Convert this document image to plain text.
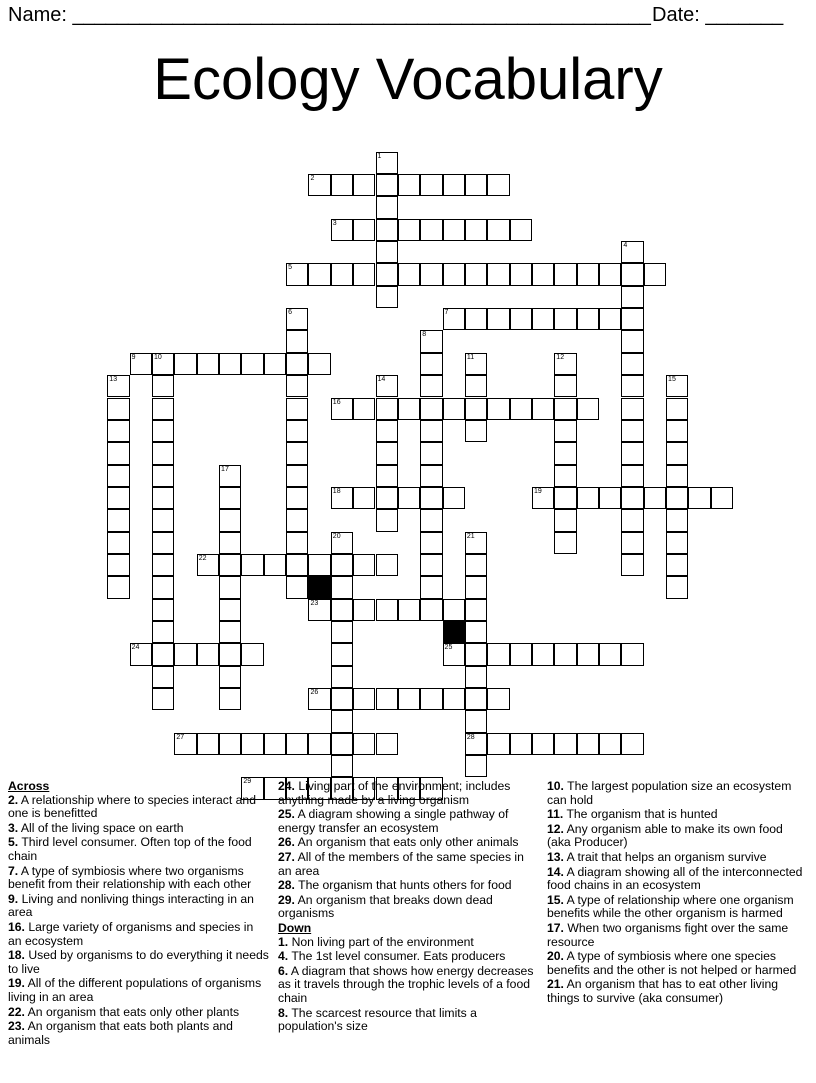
Name: ____________________________________________________ Date: _______
Ecology Vocabulary
2
3
5
7
9	10
16
18	19
22
23
24	25
26
27	28
29
1
4
6
8
11	12
13	14	15
17
20	21
Across
2. A relationship where to species interact and one is benefitted
3. All of the living space on earth
5. Third level consumer. Often top of the food chain
7. A type of symbiosis where two organisms benefit from their relationship with each other
9. Living and nonliving things interacting in an area
16. Large variety of organisms and species in an ecosystem
18. Used by organisms to do everything it needs to live
19. All of the different populations of organisms living in an area
22. An organism that eats only other plants
23. An organism that eats both plants and animals
24. Living part of the environment; includes anything made by a living organism
25. A diagram showing a single pathway of energy transfer an ecosystem
26. An organism that eats only other animals
27. All of the members of the same species in an area
28. The organism that hunts others for food
29. An organism that breaks down dead organisms
Down
1. Non living part of the environment
4. The 1st level consumer. Eats producers
6. A diagram that shows how energy decreases as it travels through the trophic levels of a food chain
8. The scarcest resource that limits a population's size
10. The largest population size an ecosystem can hold
11. The organism that is hunted
12. Any organism able to make its own food (aka Producer)
13. A trait that helps an organism survive
14. A diagram showing all of the interconnected food chains in an ecosystem
15. A type of relationship where one organism benefits while the other organism is harmed
17. When two organisms fight over the same resource
20. A type of symbiosis where one species benefits and the other is not helped or harmed
21. An organism that has to eat other living things to survive (aka consumer)
